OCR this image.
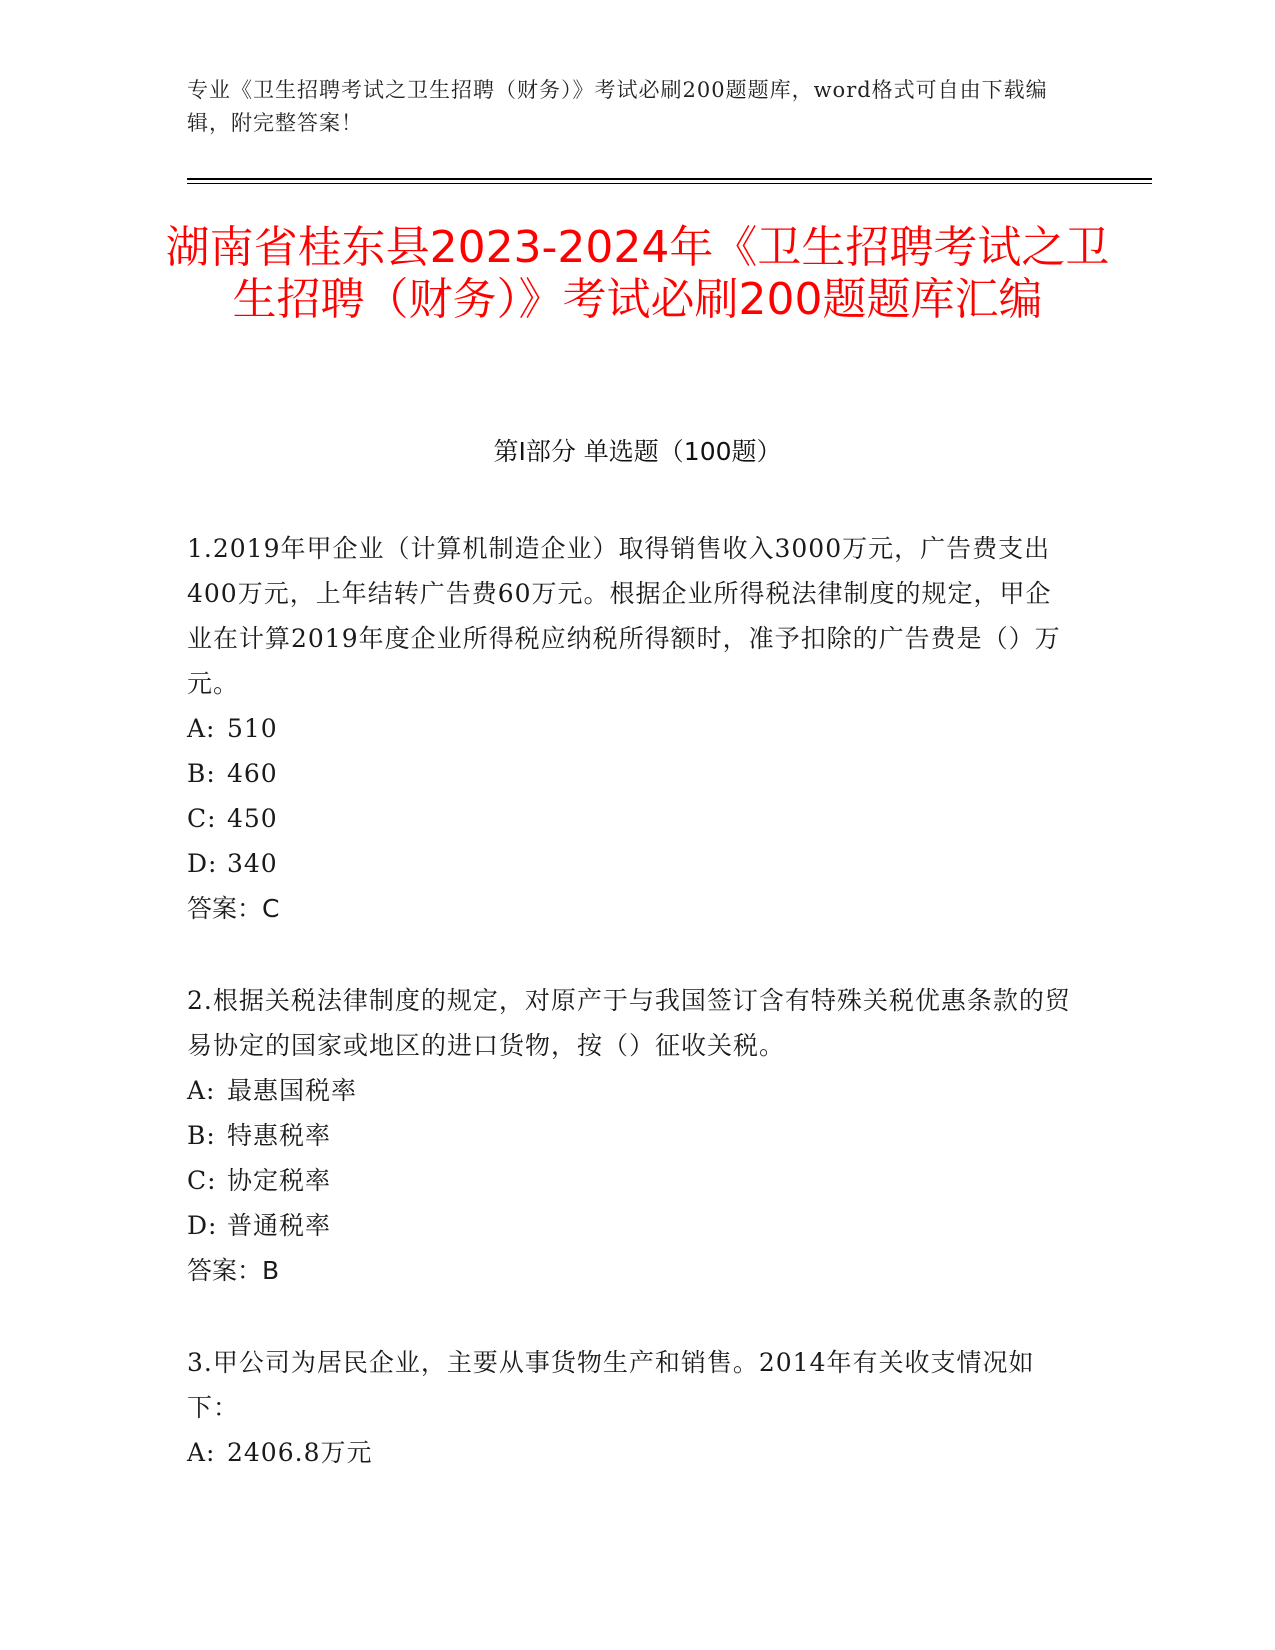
专业《卫生招聘考试之卫生招聘（财务）》考试必刷200题题库，word格式可自由下载编辑，附完整答案！
湖南省桂东县2023-2024年《卫生招聘考试之卫生招聘（财务）》考试必刷200题题库汇编
第Ⅰ部分 单选题（100题）

1.2019年甲企业（计算机制造企业）取得销售收入3000万元，广告费支出400万元，上年结转广告费60万元。根据企业所得税法律制度的规定，甲企业在计算2019年度企业所得税应纳税所得额时，准予扣除的广告费是（）万元。

A: 510

B: 460

C: 450

D: 340

答案：C

2.根据关税法律制度的规定，对原产于与我国签订含有特殊关税优惠条款的贸易协定的国家或地区的进口货物，按（）征收关税。

A: 最惠国税率

B: 特惠税率

C: 协定税率

D: 普通税率

答案：B

3.甲公司为居民企业，主要从事货物生产和销售。2014年有关收支情况如下：

A: 2406.8万元
